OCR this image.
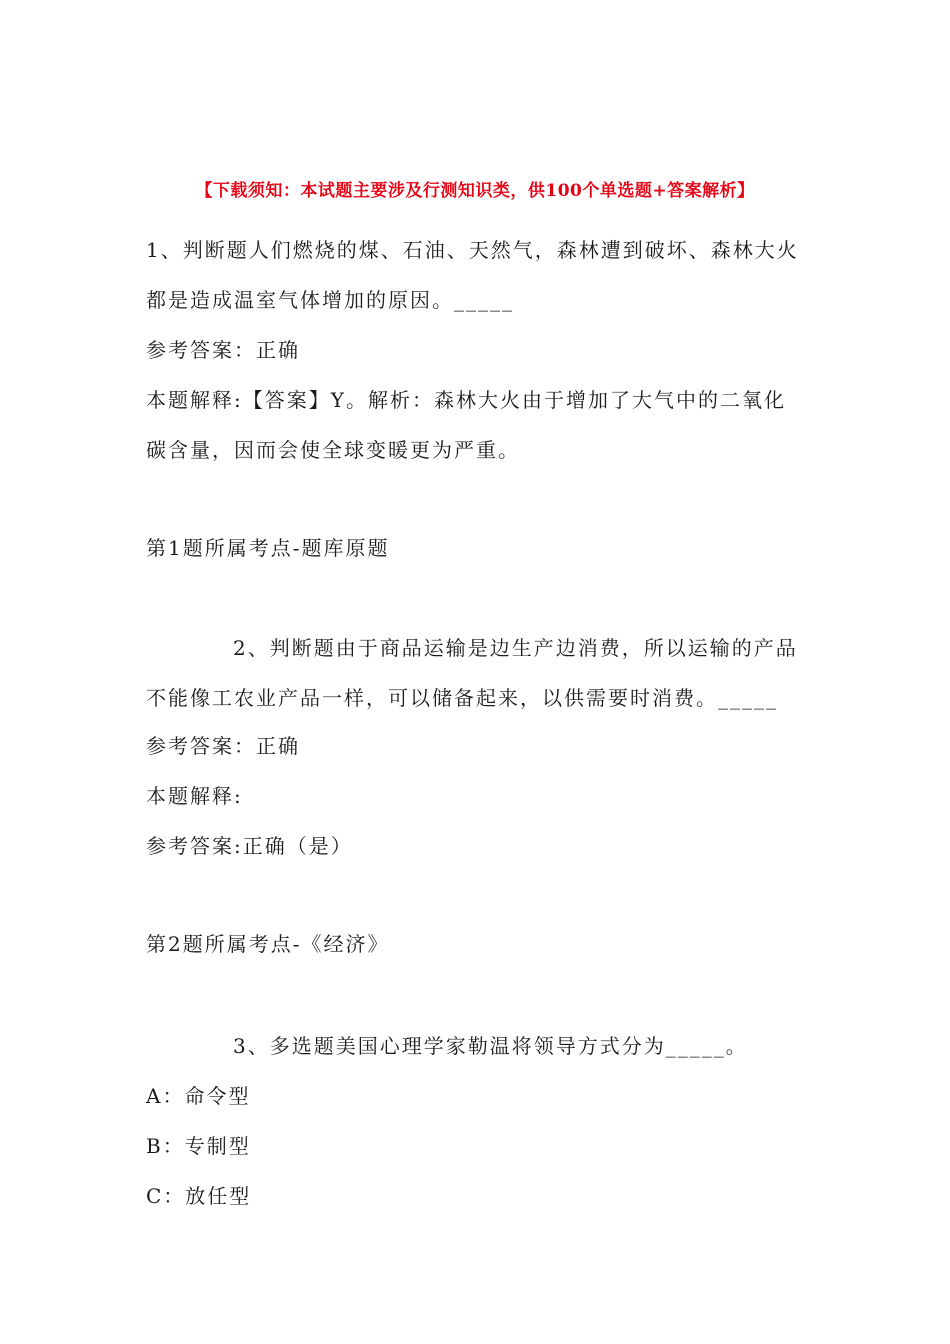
【下载须知：本试题主要涉及行测知识类，供100个单选题+答案解析】
1、判断题人们燃烧的煤、石油、天然气，森林遭到破坏、森林大火
都是造成温室气体增加的原因。_____
参考答案：正确
本题解释:【答案】Y。解析：森林大火由于增加了大气中的二氧化
碳含量，因而会使全球变暖更为严重。
第1题所属考点-题库原题
2、判断题由于商品运输是边生产边消费，所以运输的产品
不能像工农业产品一样，可以储备起来，以供需要时消费。_____
参考答案：正确
本题解释:
参考答案:正确（是）
第2题所属考点-《经济》
3、多选题美国心理学家勒温将领导方式分为_____。
A：命令型
B：专制型
C：放任型
